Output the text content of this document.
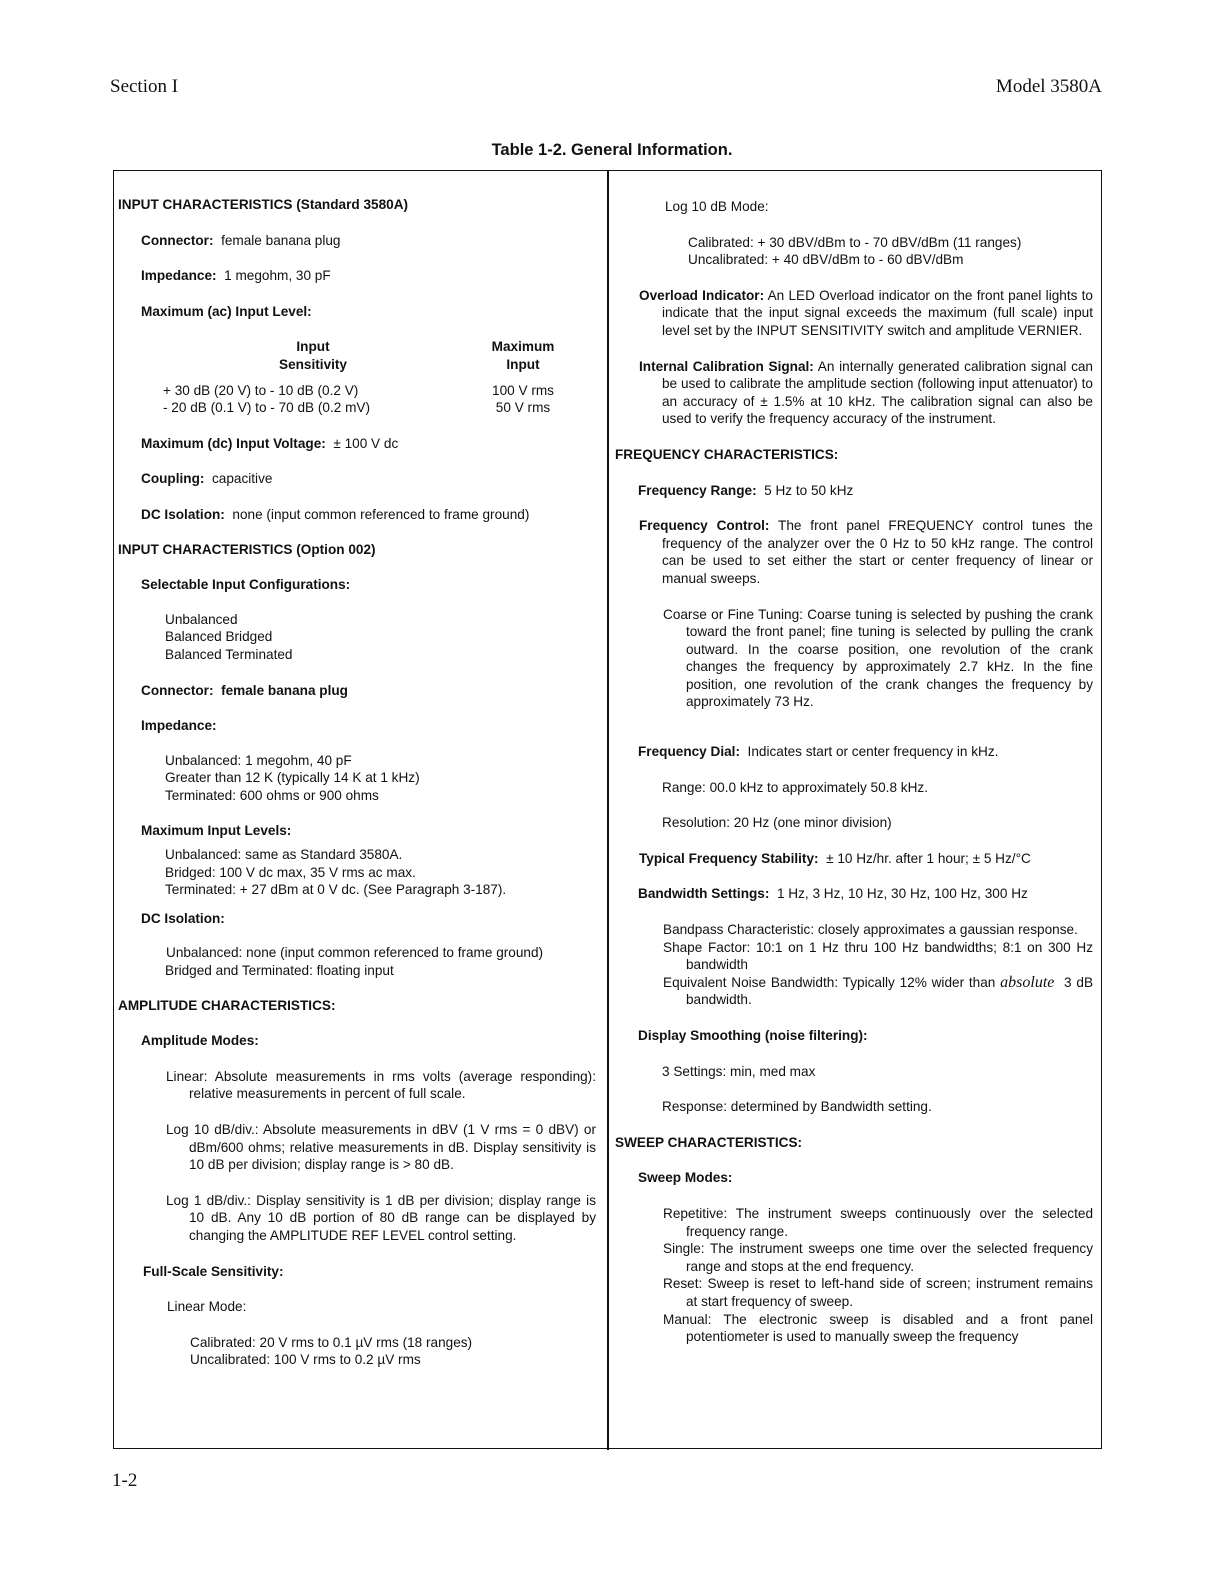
Section I	Model 3580A
Table 1-2. General Information.

INPUT CHARACTERISTICS (Standard 3580A)

Connector: female banana plug

Impedance: 1 megohm, 30 pF

Maximum (ac) Input Level:

Input	Maximum
Sensitivity	Input
+ 30 dB (20 V) to - 10 dB (0.2 V)	100 V rms
- 20 dB (0.1 V) to - 70 dB (0.2 mV)	50 V rms

Maximum (dc) Input Voltage: ± 100 V dc

Coupling: capacitive

DC Isolation: none (input common referenced to frame ground)

INPUT CHARACTERISTICS (Option 002)

Selectable Input Configurations:

Unbalanced
Balanced Bridged
Balanced Terminated

Connector: female banana plug

Impedance:

Unbalanced: 1 megohm, 40 pF
Greater than 12 K (typically 14 K at 1 kHz)
Terminated: 600 ohms or 900 ohms

Maximum Input Levels:

Unbalanced: same as Standard 3580A.
Bridged: 100 V dc max, 35 V rms ac max.
Terminated: + 27 dBm at 0 V dc. (See Paragraph 3-187).

DC Isolation:

Unbalanced: none (input common referenced to frame ground)
Bridged and Terminated: floating input

AMPLITUDE CHARACTERISTICS:

Amplitude Modes:

Linear: Absolute measurements in rms volts (average responding): relative measurements in percent of full scale.
Log 10 dB/div.: Absolute measurements in dBV (1 V rms = 0 dBV) or dBm/600 ohms; relative measurements in dB. Display sensitivity is 10 dB per division; display range is > 80 dB.
Log 1 dB/div.: Display sensitivity is 1 dB per division; display range is 10 dB. Any 10 dB portion of 80 dB range can be displayed by changing the AMPLITUDE REF LEVEL control setting.

Full-Scale Sensitivity:

Linear Mode:

Calibrated: 20 V rms to 0.1 µV rms (18 ranges)
Uncalibrated: 100 V rms to 0.2 µV rms

Log 10 dB Mode:

Calibrated: + 30 dBV/dBm to - 70 dBV/dBm (11 ranges)
Uncalibrated: + 40 dBV/dBm to - 60 dBV/dBm

Overload Indicator: An LED Overload indicator on the front panel lights to indicate that the input signal exceeds the maximum (full scale) input level set by the INPUT SENSITIVITY switch and amplitude VERNIER.

Internal Calibration Signal: An internally generated calibration signal can be used to calibrate the amplitude section (following input attenuator) to an accuracy of ± 1.5% at 10 kHz. The calibration signal can also be used to verify the frequency accuracy of the instrument.

FREQUENCY CHARACTERISTICS:

Frequency Range: 5 Hz to 50 kHz

Frequency Control: The front panel FREQUENCY control tunes the frequency of the analyzer over the 0 Hz to 50 kHz range. The control can be used to set either the start or center frequency of linear or manual sweeps.

Coarse or Fine Tuning: Coarse tuning is selected by pushing the crank toward the front panel; fine tuning is selected by pulling the crank outward. In the coarse position, one revolution of the crank changes the frequency by approximately 2.7 kHz. In the fine position, one revolution of the crank changes the frequency by approximately 73 Hz.

Frequency Dial: Indicates start or center frequency in kHz.

Range: 00.0 kHz to approximately 50.8 kHz.

Resolution: 20 Hz (one minor division)

Typical Frequency Stability: ± 10 Hz/hr. after 1 hour; ± 5 Hz/°C

Bandwidth Settings: 1 Hz, 3 Hz, 10 Hz, 30 Hz, 100 Hz, 300 Hz

Bandpass Characteristic: closely approximates a gaussian response.
Shape Factor: 10:1 on 1 Hz thru 100 Hz bandwidths; 8:1 on 300 Hz bandwidth
Equivalent Noise Bandwidth: Typically 12% wider than absolute 3 dB bandwidth.

Display Smoothing (noise filtering):

3 Settings: min, med max

Response: determined by Bandwidth setting.

SWEEP CHARACTERISTICS:

Sweep Modes:

Repetitive: The instrument sweeps continuously over the selected frequency range.
Single: The instrument sweeps one time over the selected frequency range and stops at the end frequency.
Reset: Sweep is reset to left-hand side of screen; instrument remains at start frequency of sweep.
Manual: The electronic sweep is disabled and a front panel potentiometer is used to manually sweep the frequency
1-2
